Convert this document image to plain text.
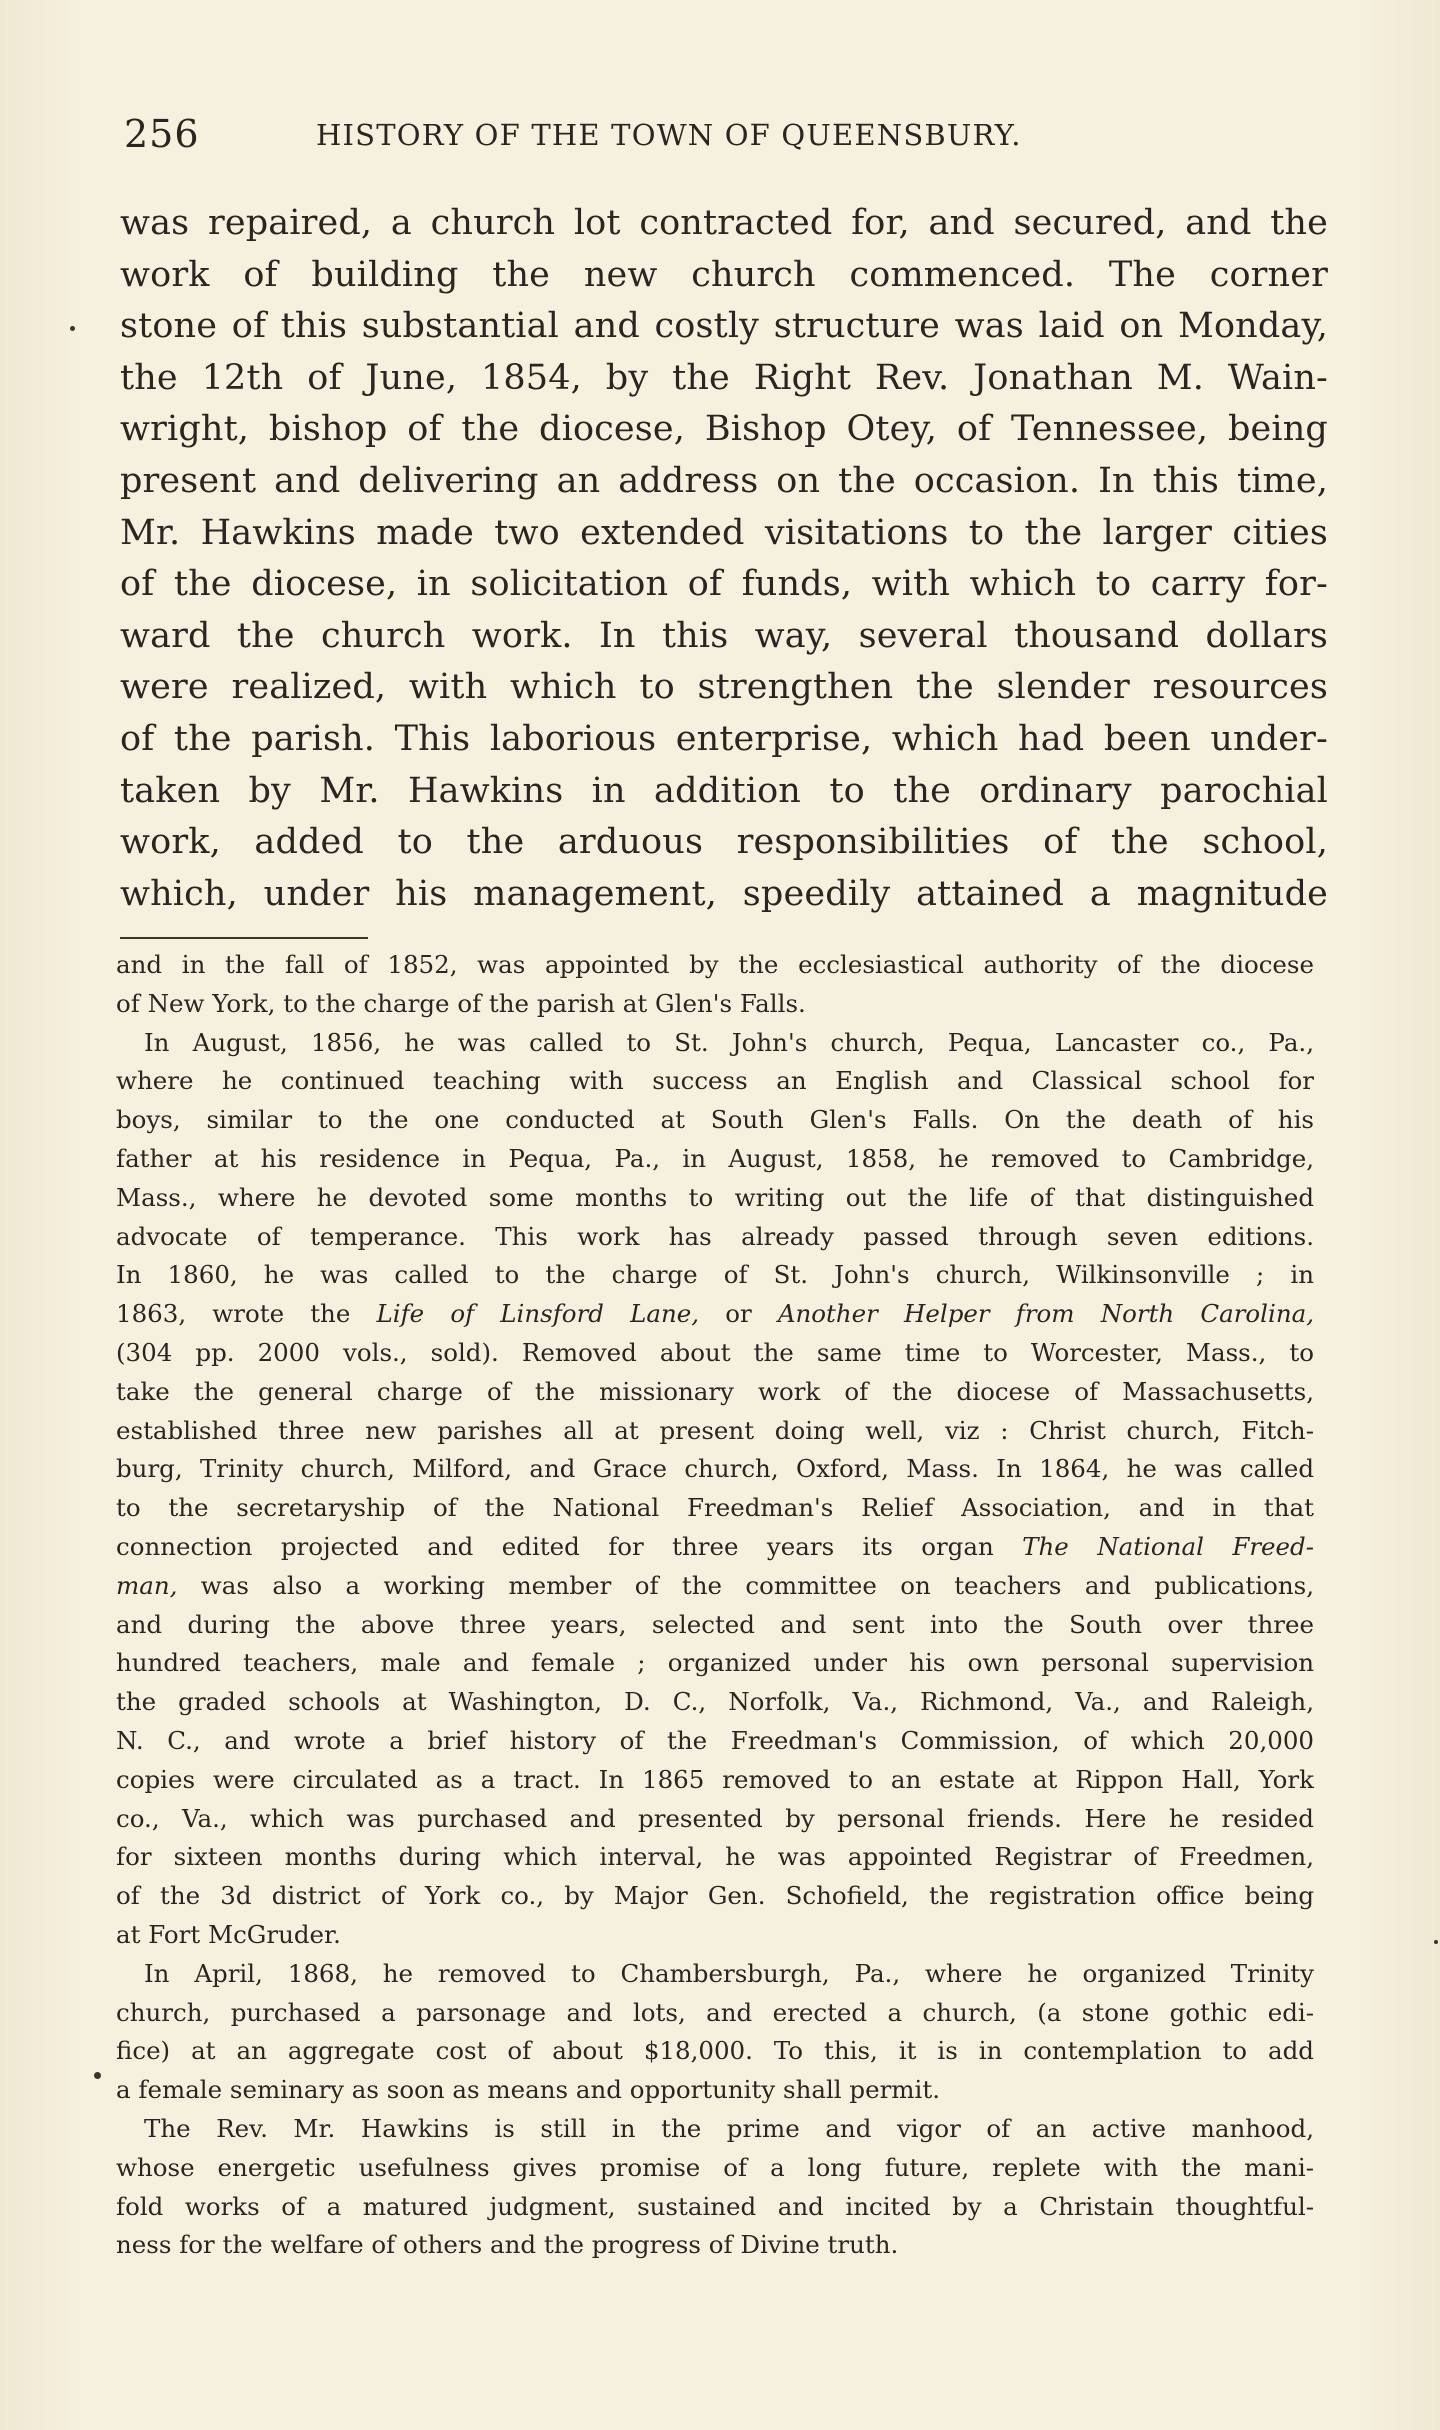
256	HISTORY OF THE TOWN OF QUEENSBURY.
was repaired, a church lot contracted for, and secured, and the
work of building the new church commenced. The corner
stone of this substantial and costly structure was laid on Monday,
the 12th of June, 1854, by the Right Rev. Jonathan M. Wain-
wright, bishop of the diocese, Bishop Otey, of Tennessee, being
present and delivering an address on the occasion. In this time,
Mr. Hawkins made two extended visitations to the larger cities
of the diocese, in solicitation of funds, with which to carry for-
ward the church work. In this way, several thousand dollars
were realized, with which to strengthen the slender resources
of the parish. This laborious enterprise, which had been under-
taken by Mr. Hawkins in addition to the ordinary parochial
work, added to the arduous responsibilities of the school,
which, under his management, speedily attained a magnitude
and in the fall of 1852, was appointed by the ecclesiastical authority of the diocese
of New York, to the charge of the parish at Glen's Falls.
In August, 1856, he was called to St. John's church, Pequa, Lancaster co., Pa.,
where he continued teaching with success an English and Classical school for
boys, similar to the one conducted at South Glen's Falls. On the death of his
father at his residence in Pequa, Pa., in August, 1858, he removed to Cambridge,
Mass., where he devoted some months to writing out the life of that distinguished
advocate of temperance. This work has already passed through seven editions.
In 1860, he was called to the charge of St. John's church, Wilkinsonville ; in
1863, wrote the Life of Linsford Lane, or Another Helper from North Carolina,
(304 pp. 2000 vols., sold). Removed about the same time to Worcester, Mass., to
take the general charge of the missionary work of the diocese of Massachusetts,
established three new parishes all at present doing well, viz : Christ church, Fitch-
burg, Trinity church, Milford, and Grace church, Oxford, Mass. In 1864, he was called
to the secretaryship of the National Freedman's Relief Association, and in that
connection projected and edited for three years its organ The National Freed-
man, was also a working member of the committee on teachers and publications,
and during the above three years, selected and sent into the South over three
hundred teachers, male and female ; organized under his own personal supervision
the graded schools at Washington, D. C., Norfolk, Va., Richmond, Va., and Raleigh,
N. C., and wrote a brief history of the Freedman's Commission, of which 20,000
copies were circulated as a tract. In 1865 removed to an estate at Rippon Hall, York
co., Va., which was purchased and presented by personal friends. Here he resided
for sixteen months during which interval, he was appointed Registrar of Freedmen,
of the 3d district of York co., by Major Gen. Schofield, the registration office being
at Fort McGruder.
In April, 1868, he removed to Chambersburgh, Pa., where he organized Trinity
church, purchased a parsonage and lots, and erected a church, (a stone gothic edi-
fice) at an aggregate cost of about $18,000. To this, it is in contemplation to add
a female seminary as soon as means and opportunity shall permit.
The Rev. Mr. Hawkins is still in the prime and vigor of an active manhood,
whose energetic usefulness gives promise of a long future, replete with the mani-
fold works of a matured judgment, sustained and incited by a Christain thoughtful-
ness for the welfare of others and the progress of Divine truth.
